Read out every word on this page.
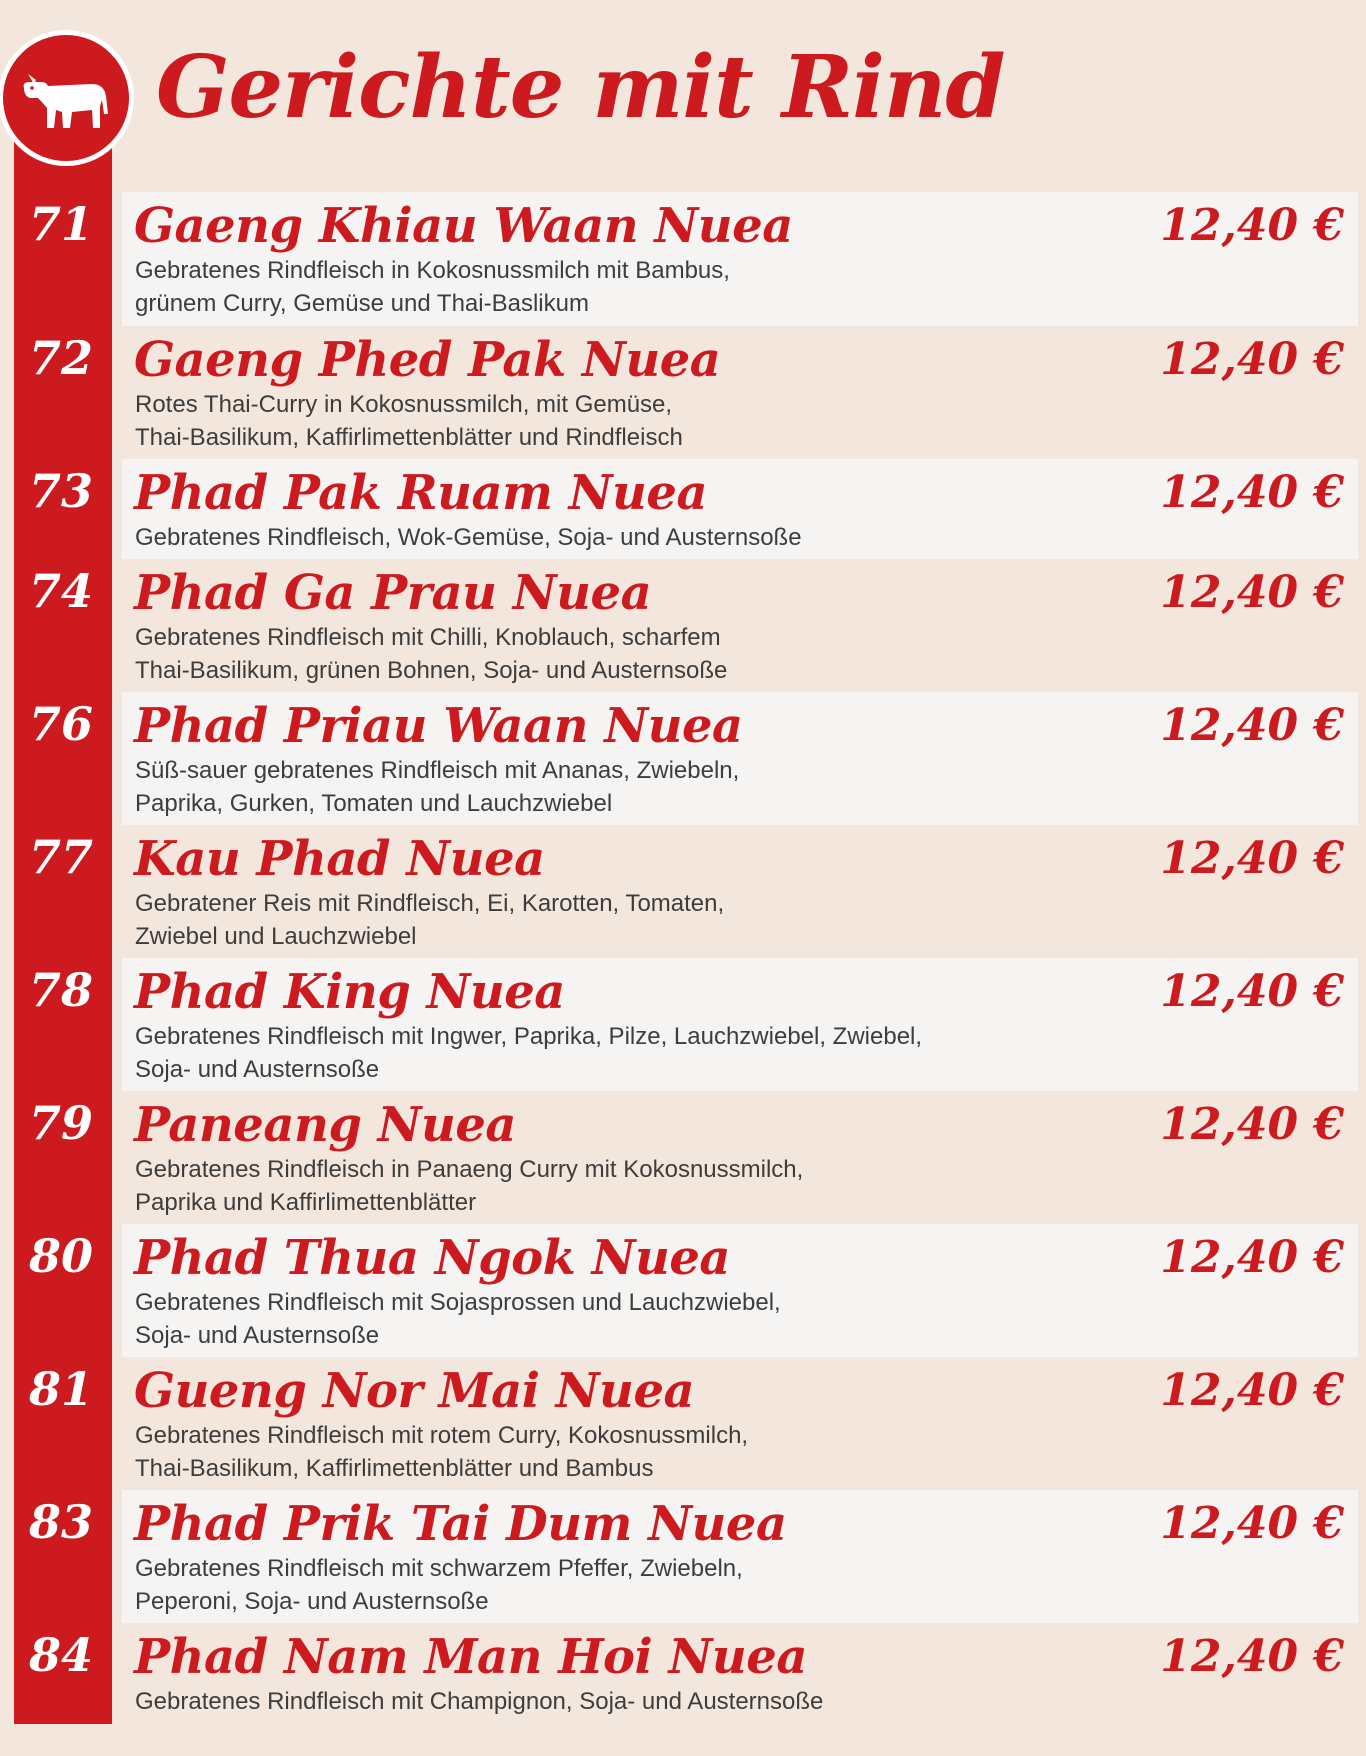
Gerichte mit Rind
71 Gaeng Khiau Waan Nuea	12,40 €
Gebratenes Rindfleisch in Kokosnussmilch mit Bambus,
grünem Curry, Gemüse und Thai-Baslikum
72 Gaeng Phed Pak Nuea	12,40 €
Rotes Thai-Curry in Kokosnussmilch, mit Gemüse,
Thai-Basilikum, Kaffirlimettenblätter und Rindfleisch
73 Phad Pak Ruam Nuea	12,40 €
Gebratenes Rindfleisch, Wok-Gemüse, Soja- und Austernsoße
74 Phad Ga Prau Nuea	12,40 €
Gebratenes Rindfleisch mit Chilli, Knoblauch, scharfem
Thai-Basilikum, grünen Bohnen, Soja- und Austernsoße
76 Phad Priau Waan Nuea	12,40 €
Süß-sauer gebratenes Rindfleisch mit Ananas, Zwiebeln,
Paprika, Gurken, Tomaten und Lauchzwiebel
77 Kau Phad Nuea	12,40 €
Gebratener Reis mit Rindfleisch, Ei, Karotten, Tomaten,
Zwiebel und Lauchzwiebel
78 Phad King Nuea	12,40 €
Gebratenes Rindfleisch mit Ingwer, Paprika, Pilze, Lauchzwiebel, Zwiebel,
Soja- und Austernsoße
79 Paneang Nuea	12,40 €
Gebratenes Rindfleisch in Panaeng Curry mit Kokosnussmilch,
Paprika und Kaffirlimettenblätter
80 Phad Thua Ngok Nuea	12,40 €
Gebratenes Rindfleisch mit Sojasprossen und Lauchzwiebel,
Soja- und Austernsoße
81 Gueng Nor Mai Nuea	12,40 €
Gebratenes Rindfleisch mit rotem Curry, Kokosnussmilch,
Thai-Basilikum, Kaffirlimettenblätter und Bambus
83 Phad Prik Tai Dum Nuea	12,40 €
Gebratenes Rindfleisch mit schwarzem Pfeffer, Zwiebeln,
Peperoni, Soja- und Austernsoße
84 Phad Nam Man Hoi Nuea	12,40 €
Gebratenes Rindfleisch mit Champignon, Soja- und Austernsoße
